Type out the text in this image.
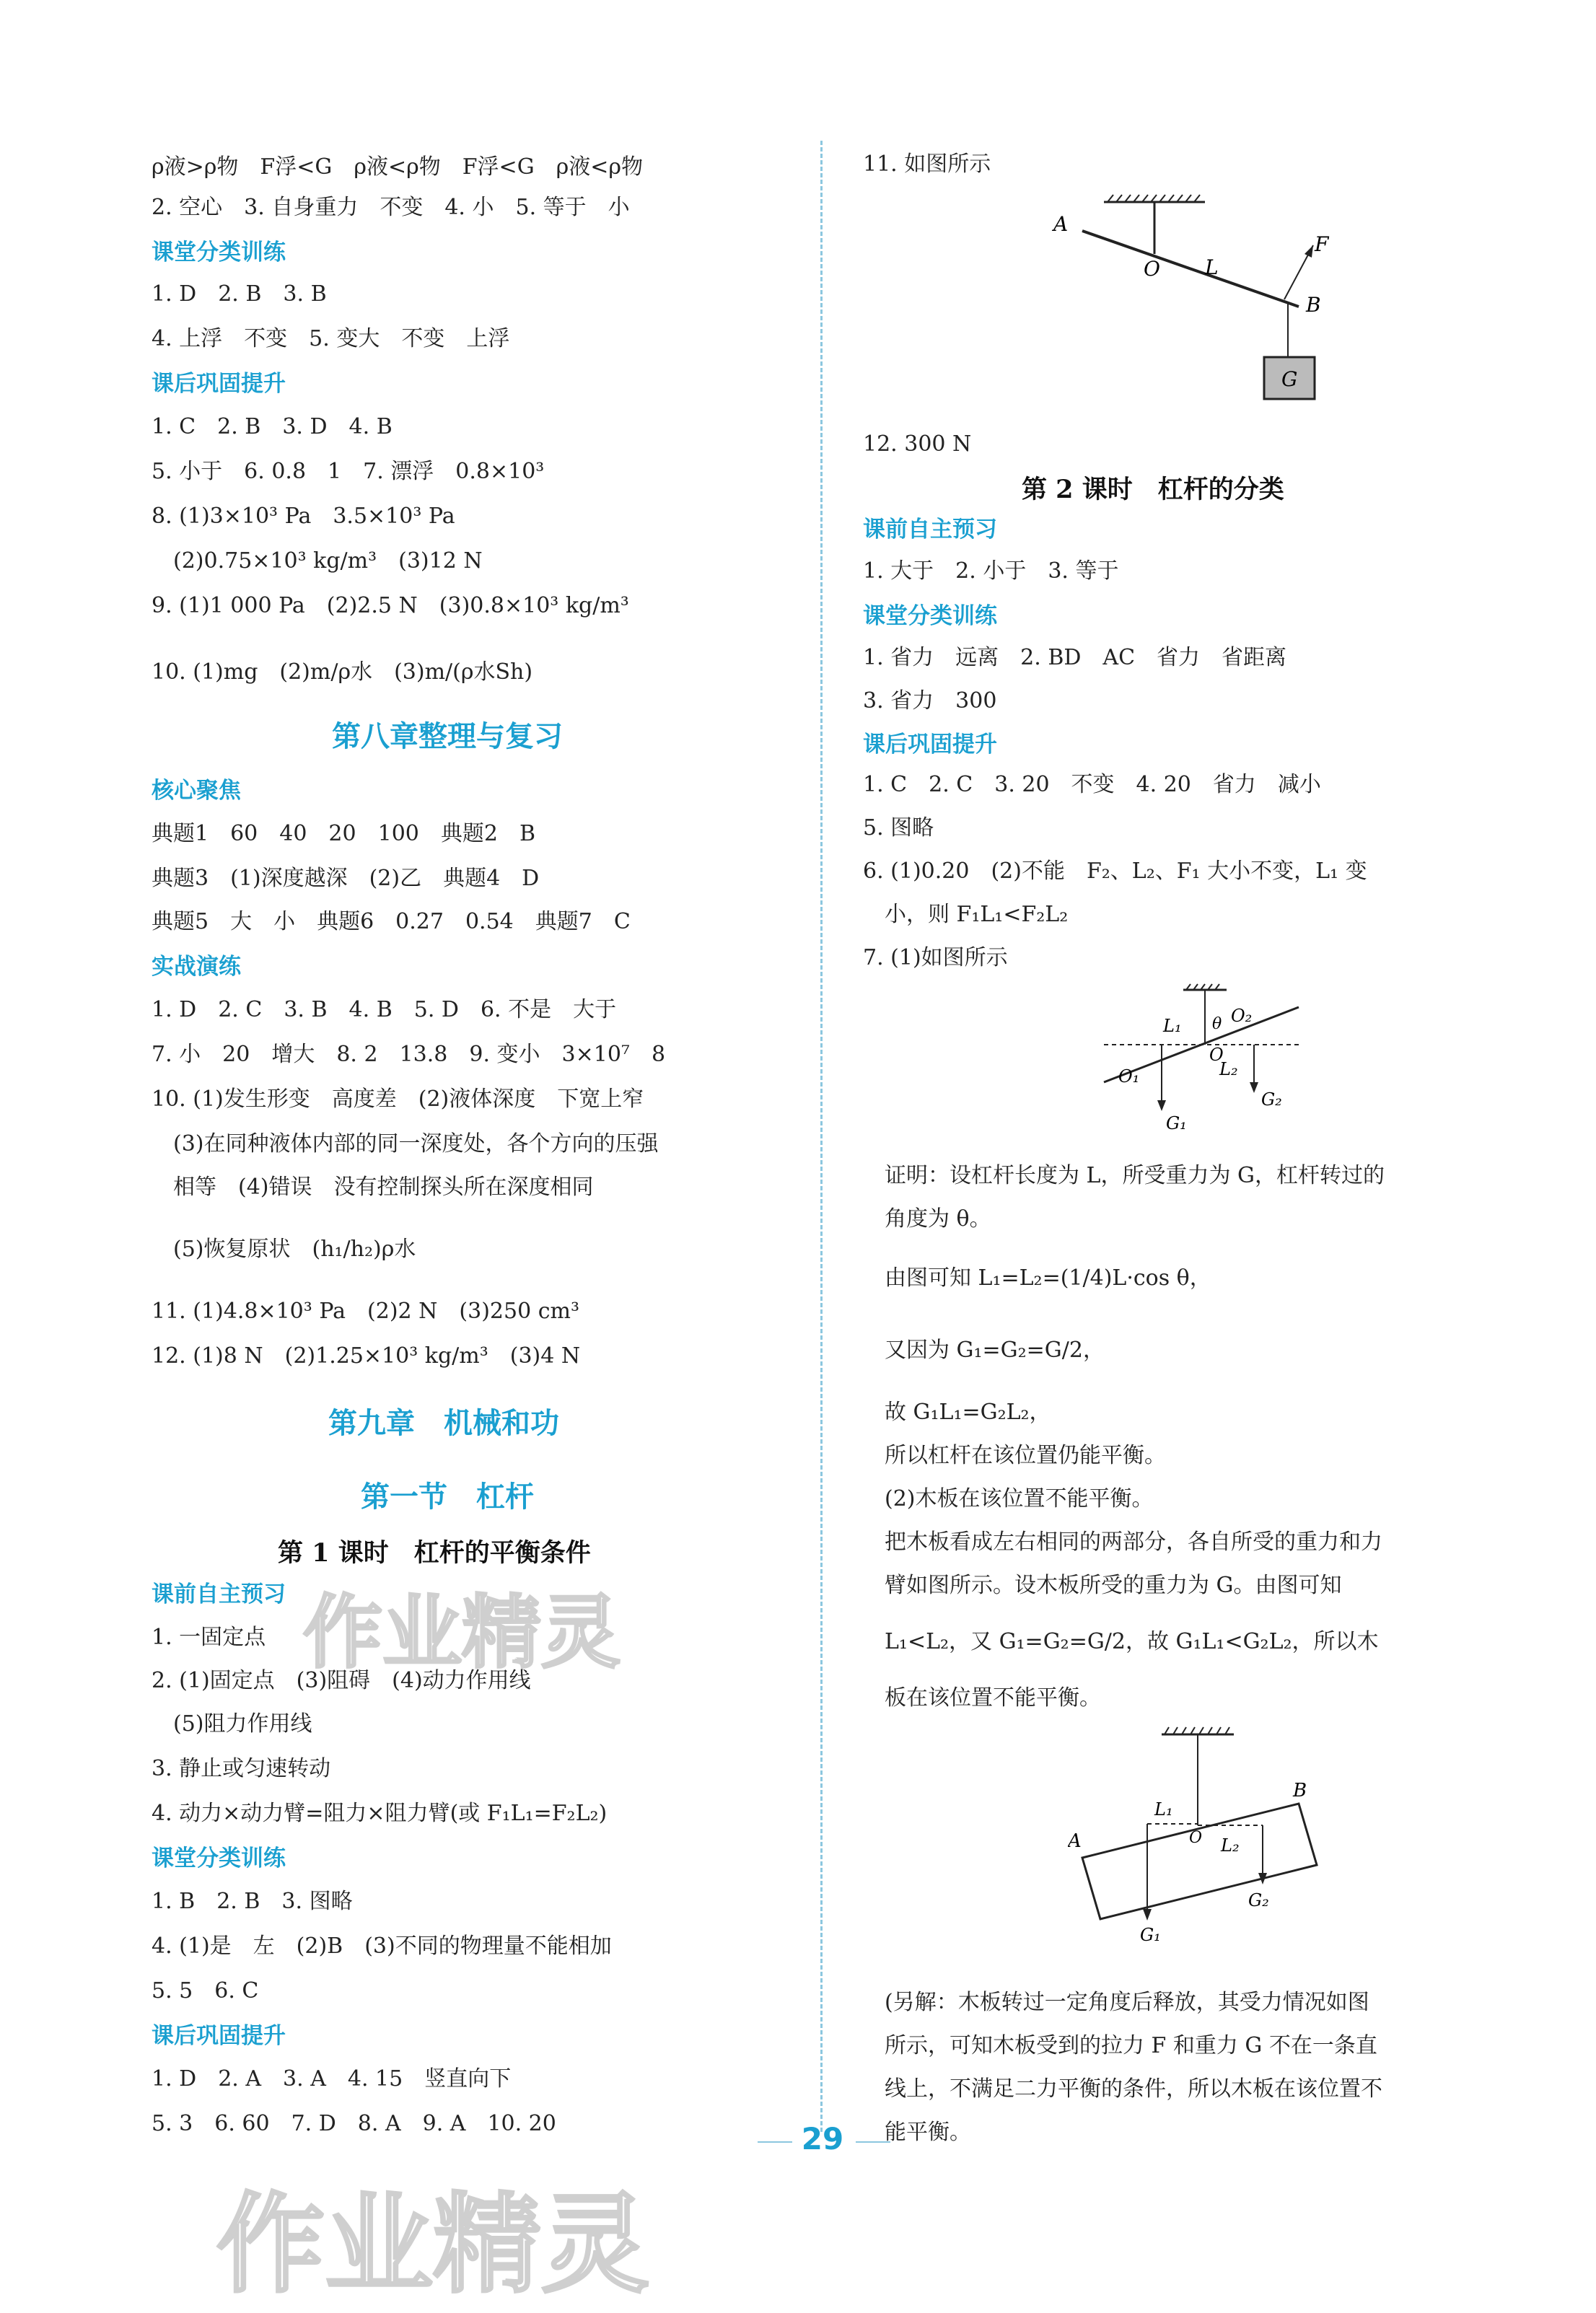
ρ液>ρ物　F浮<G　ρ液<ρ物　F浮<G　ρ液<ρ物
2. 空心　3. 自身重力　不变　4. 小　5. 等于　小
课堂分类训练
1. D　2. B　3. B
4. 上浮　不变　5. 变大　不变　上浮
课后巩固提升
1. C　2. B　3. D　4. B
5. 小于　6. 0.8　1　7. 漂浮　0.8×10³
8. (1)3×10³ Pa　3.5×10³ Pa
　(2)0.75×10³ kg/m³　(3)12 N
9. (1)1 000 Pa　(2)2.5 N　(3)0.8×10³ kg/m³
10. (1)mg　(2)m/ρ水　(3)m/(ρ水Sh)
第八章整理与复习
核心聚焦
典题1　60　40　20　100　典题2　B
典题3　(1)深度越深　(2)乙　典题4　D
典题5　大　小　典题6　0.27　0.54　典题7　C
实战演练
1. D　2. C　3. B　4. B　5. D　6. 不是　大于
7. 小　20　增大　8. 2　13.8　9. 变小　3×10⁷　8
10. (1)发生形变　高度差　(2)液体深度　下宽上窄
　(3)在同种液体内部的同一深度处，各个方向的压强
　相等　(4)错误　没有控制探头所在深度相同
　(5)恢复原状　(h₁/h₂)ρ水
11. (1)4.8×10³ Pa　(2)2 N　(3)250 cm³
12. (1)8 N　(2)1.25×10³ kg/m³　(3)4 N
第九章　机械和功
第一节　杠杆
第 1 课时　杠杆的平衡条件
课前自主预习
1. 一固定点
2. (1)固定点　(3)阻碍　(4)动力作用线
　(5)阻力作用线
3. 静止或匀速转动
4. 动力×动力臂=阻力×阻力臂(或 F₁L₁=F₂L₂)
课堂分类训练
1. B　2. B　3. 图略
4. (1)是　左　(2)B　(3)不同的物理量不能相加
5. 5　6. C
课后巩固提升
1. D　2. A　3. A　4. 15　竖直向下
5. 3　6. 60　7. D　8. A　9. A　10. 20
11. 如图所示
12. 300 N
第 2 课时　杠杆的分类
课前自主预习
1. 大于　2. 小于　3. 等于
课堂分类训练
1. 省力　远离　2. BD　AC　省力　省距离
3. 省力　300
课后巩固提升
1. C　2. C　3. 20　不变　4. 20　省力　减小
5. 图略
6. (1)0.20　(2)不能　F₂、L₂、F₁ 大小不变，L₁ 变
　小，则 F₁L₁<F₂L₂
7. (1)如图所示
　证明：设杠杆长度为 L，所受重力为 G，杠杆转过的
　角度为 θ。
　由图可知 L₁=L₂=(1/4)L·cos θ，
　又因为 G₁=G₂=G/2，
　故 G₁L₁=G₂L₂，
　所以杠杆在该位置仍能平衡。
　(2)木板在该位置不能平衡。
　把木板看成左右相同的两部分，各自所受的重力和力
　臂如图所示。设木板所受的重力为 G。由图可知
　L₁<L₂，又 G₁=G₂=G/2，故 G₁L₁<G₂L₂，所以木
　板在该位置不能平衡。
　(另解：木板转过一定角度后释放，其受力情况如图
　所示，可知木板受到的拉力 F 和重力 G 不在一条直
　线上，不满足二力平衡的条件，所以木板在该位置不
　能平衡。
A
O L
F
B
G
L₁ θ O₂
O
O₁	L₂
G₁
G₂
L₁
B
A	O L₂
G₁
G₂
29
作业精灵
作业精灵
